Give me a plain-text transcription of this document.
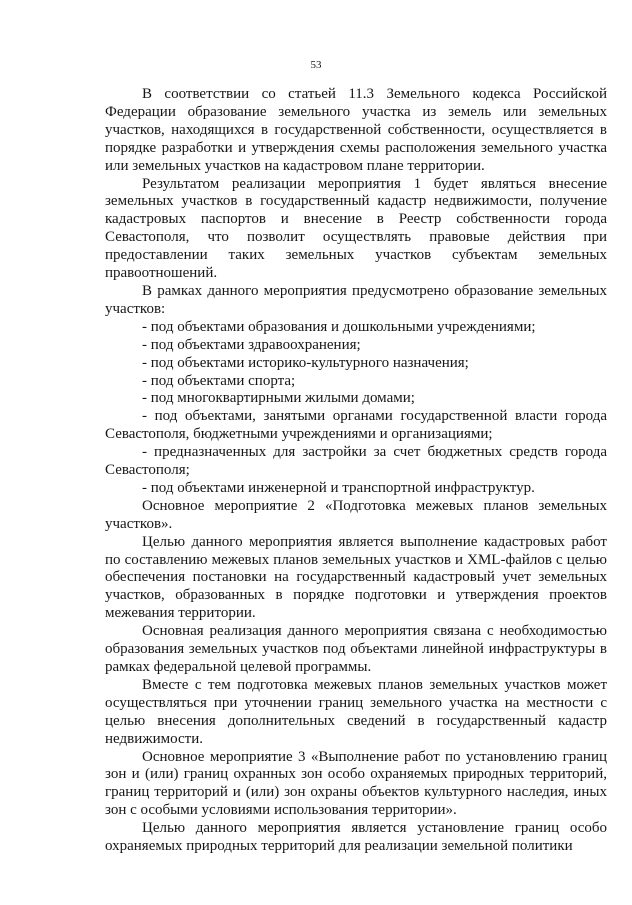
53

В соответствии со статьей 11.3 Земельного кодекса Российской Федерации образование земельного участка из земель или земельных участков, находящихся в государственной собственности, осуществляется в порядке разработки и утверждения схемы расположения земельного участка или земельных участков на кадастровом плане территории.

Результатом реализации мероприятия 1 будет являться внесение земельных участков в государственный кадастр недвижимости, получение кадастровых паспортов и внесение в Реестр собственности города Севастополя, что позволит осуществлять правовые действия при предоставлении таких земельных участков субъектам земельных правоотношений.

В рамках данного мероприятия предусмотрено образование земельных участков:

- под объектами образования и дошкольными учреждениями;

- под объектами здравоохранения;

- под объектами историко-культурного назначения;

- под объектами спорта;

- под многоквартирными жилыми домами;

- под объектами, занятыми органами государственной власти города Севастополя, бюджетными учреждениями и организациями;

- предназначенных для застройки за счет бюджетных средств города Севастополя;

- под объектами инженерной и транспортной инфраструктур.

Основное мероприятие 2 «Подготовка межевых планов земельных участков».

Целью данного мероприятия является выполнение кадастровых работ по составлению межевых планов земельных участков и XML-файлов с целью обеспечения постановки на государственный кадастровый учет земельных участков, образованных в порядке подготовки и утверждения проектов межевания территории.

Основная реализация данного мероприятия связана с необходимостью образования земельных участков под объектами линейной инфраструктуры в рамках федеральной целевой программы.

Вместе с тем подготовка межевых планов земельных участков может осуществляться при уточнении границ земельного участка на местности с целью внесения дополнительных сведений в государственный кадастр недвижимости.

Основное мероприятие 3 «Выполнение работ по установлению границ зон и (или) границ охранных зон особо охраняемых природных территорий, границ территорий и (или) зон охраны объектов культурного наследия, иных зон с особыми условиями использования территории».

Целью данного мероприятия является установление границ особо охраняемых природных территорий для реализации земельной политики
